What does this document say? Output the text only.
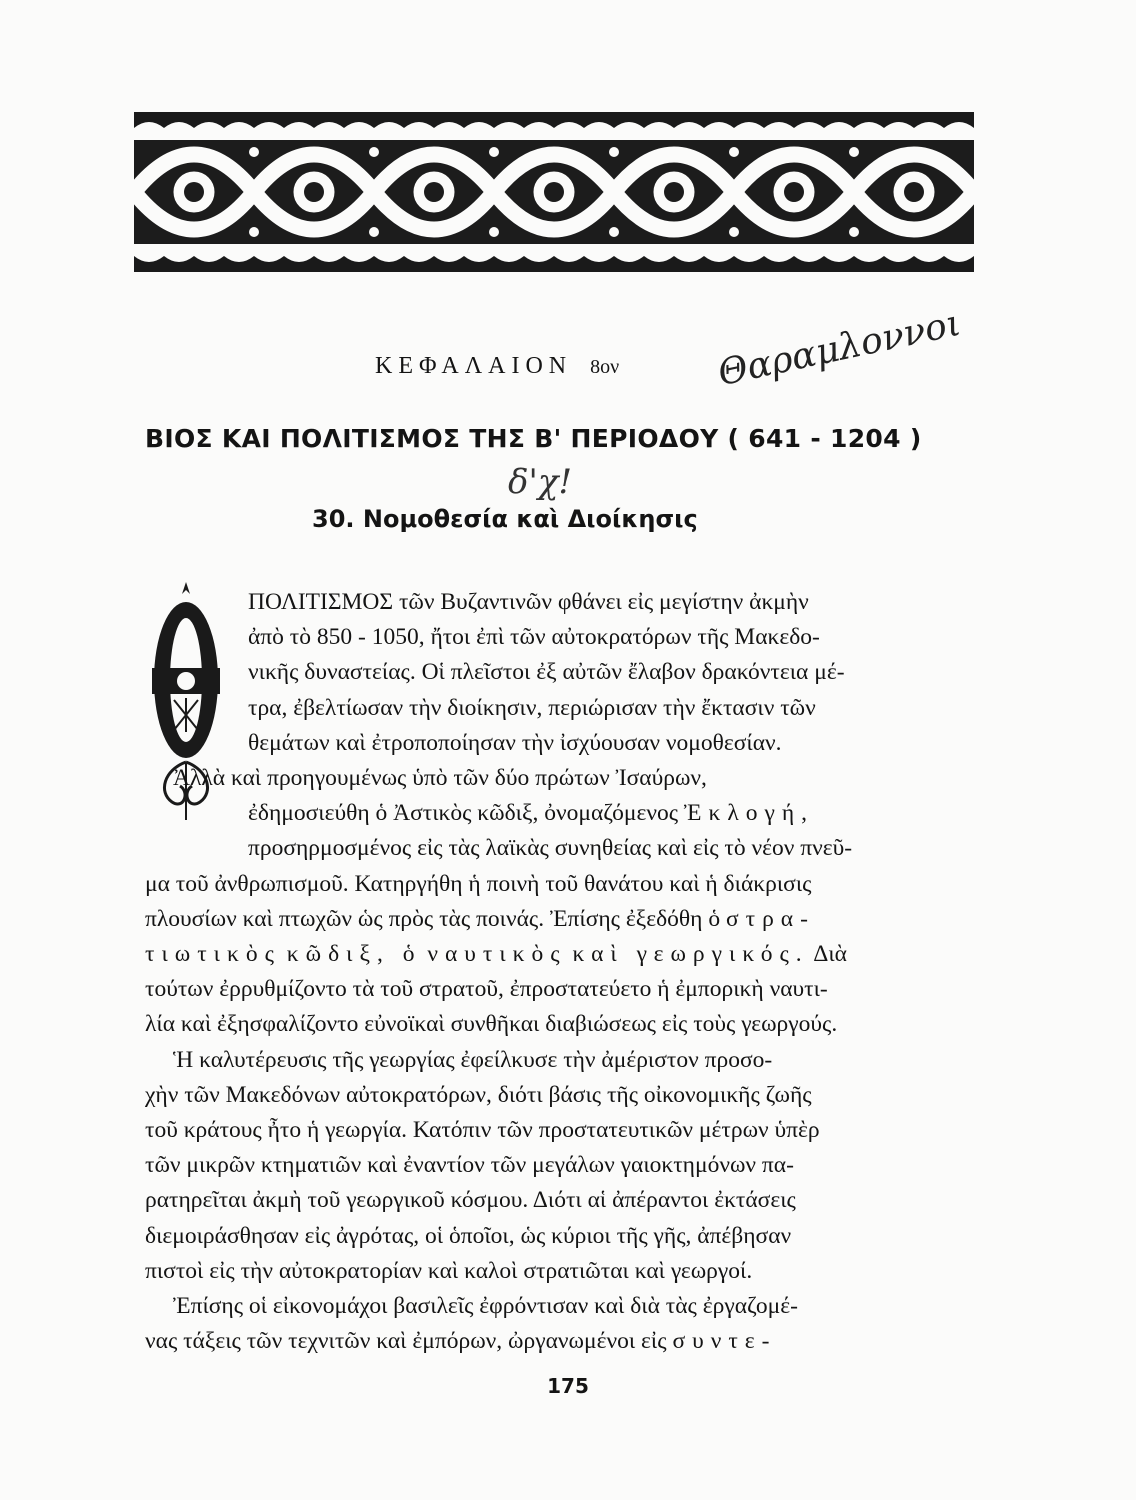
ΚΕΦΑΛΑΙΟΝ 8ον	Θαραμλοννοι
δ'χ!
ΒΙΟΣ ΚΑΙ ΠΟΛΙΤΙΣΜΟΣ ΤΗΣ Β' ΠΕΡΙΟΔΟΥ ( 641 - 1204 )
30. Νομοθεσία καὶ Διοίκησις
ΠΟΛΙΤΙΣΜΟΣ τῶν Βυζαντινῶν φθάνει εἰς μεγίστην ἀκμὴν
ἀπὸ τὸ 850 - 1050, ἤτοι ἐπὶ τῶν αὐτοκρατόρων τῆς Μακεδο-
νικῆς δυναστείας. Οἱ πλεῖστοι ἐξ αὐτῶν ἔλαβον δρακόντεια μέ-
τρα, ἐβελτίωσαν τὴν διοίκησιν, περιώρισαν τὴν ἔκτασιν τῶν
θεμάτων καὶ ἐτροποποίησαν τὴν ἰσχύουσαν νομοθεσίαν.
Ἀλλὰ καὶ προηγουμένως ὑπὸ τῶν δύο πρώτων Ἰσαύρων,
ἐδημοσιεύθη ὁ Ἀστικὸς κῶδιξ, ὀνομαζόμενος Ἐκλογή,
προσηρμοσμένος εἰς τὰς λαϊκὰς συνηθείας καὶ εἰς τὸ νέον πνεῦ-
μα τοῦ ἀνθρωπισμοῦ. Κατηργήθη ἡ ποινὴ τοῦ θανάτου καὶ ἡ διάκρισις
πλουσίων καὶ πτωχῶν ὡς πρὸς τὰς ποινάς. Ἐπίσης ἐξεδόθη ὁ στρα-
τιωτικὸς κῶδιξ, ὁ ναυτικὸς καὶ γεωργικός. Διὰ
τούτων ἐρρυθμίζοντο τὰ τοῦ στρατοῦ, ἐπροστατεύετο ἡ ἐμπορικὴ ναυτι-
λία καὶ ἐξησφαλίζοντο εὐνοϊκαὶ συνθῆκαι διαβιώσεως εἰς τοὺς γεωργούς.
Ἡ καλυτέρευσις τῆς γεωργίας ἐφείλκυσε τὴν ἀμέριστον προσο-
χὴν τῶν Μακεδόνων αὐτοκρατόρων, διότι βάσις τῆς οἰκονομικῆς ζωῆς
τοῦ κράτους ἦτο ἡ γεωργία. Κατόπιν τῶν προστατευτικῶν μέτρων ὑπὲρ
τῶν μικρῶν κτηματιῶν καὶ ἐναντίον τῶν μεγάλων γαιοκτημόνων πα-
ρατηρεῖται ἀκμὴ τοῦ γεωργικοῦ κόσμου. Διότι αἱ ἀπέραντοι ἐκτάσεις
διεμοιράσθησαν εἰς ἀγρότας, οἱ ὁποῖοι, ὡς κύριοι τῆς γῆς, ἀπέβησαν
πιστοὶ εἰς τὴν αὐτοκρατορίαν καὶ καλοὶ στρατιῶται καὶ γεωργοί.
Ἐπίσης οἱ εἰκονομάχοι βασιλεῖς ἐφρόντισαν καὶ διὰ τὰς ἐργαζομέ-
νας τάξεις τῶν τεχνιτῶν καὶ ἐμπόρων, ὠργανωμένοι εἰς συντε-
175
